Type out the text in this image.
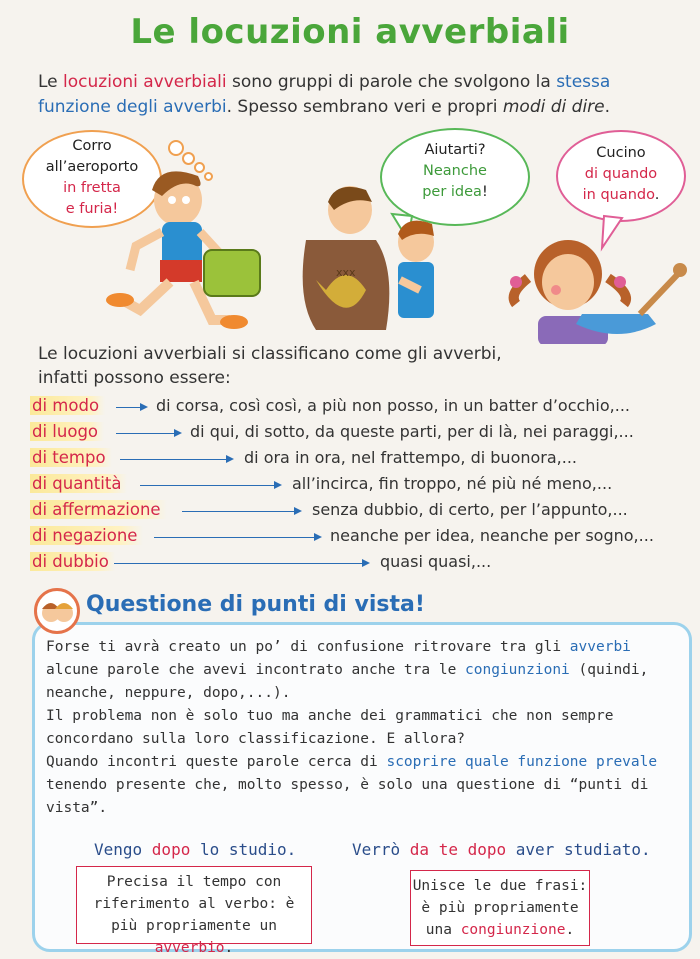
Le locuzioni avverbiali
Le locuzioni avverbiali sono gruppi di parole che svolgono la stessa funzione degli avverbi. Spesso sembrano veri e propri modi di dire.
Corro
all’aeroporto
in fretta
e furia!
Aiutarti?
Neanche
per idea!
Cucino
di quando
in quando.
xxx
Le locuzioni avverbiali si classificano come gli avverbi,
infatti possono essere:
di modo	di corsa, così così, a più non posso, in un batter d’occhio,...
di luogo	di qui, di sotto, da queste parti, per di là, nei paraggi,...
di tempo	di ora in ora, nel frattempo, di buonora,...
di quantità	all’incirca, fin troppo, né più né meno,...
di affermazione	senza dubbio, di certo, per l’appunto,...
di negazione	neanche per idea, neanche per sogno,...
di dubbio	quasi quasi,...
Questione di punti di vista!
Forse ti avrà creato un po’ di confusione ritrovare tra gli avverbi alcune parole che avevi incontrato anche tra le congiunzioni (quindi, neanche, neppure, dopo,...).
Il problema non è solo tuo ma anche dei grammatici che non sempre concordano sulla loro classificazione. E allora?
Quando incontri queste parole cerca di scoprire quale funzione prevale tenendo presente che, molto spesso, è solo una questione di “punti di vista”.
Vengo dopo lo studio.	Verrò da te dopo aver studiato.
Precisa il tempo con riferimento al verbo: è più propriamente un avverbio.
Unisce le due frasi: è più propriamente una congiunzione.
